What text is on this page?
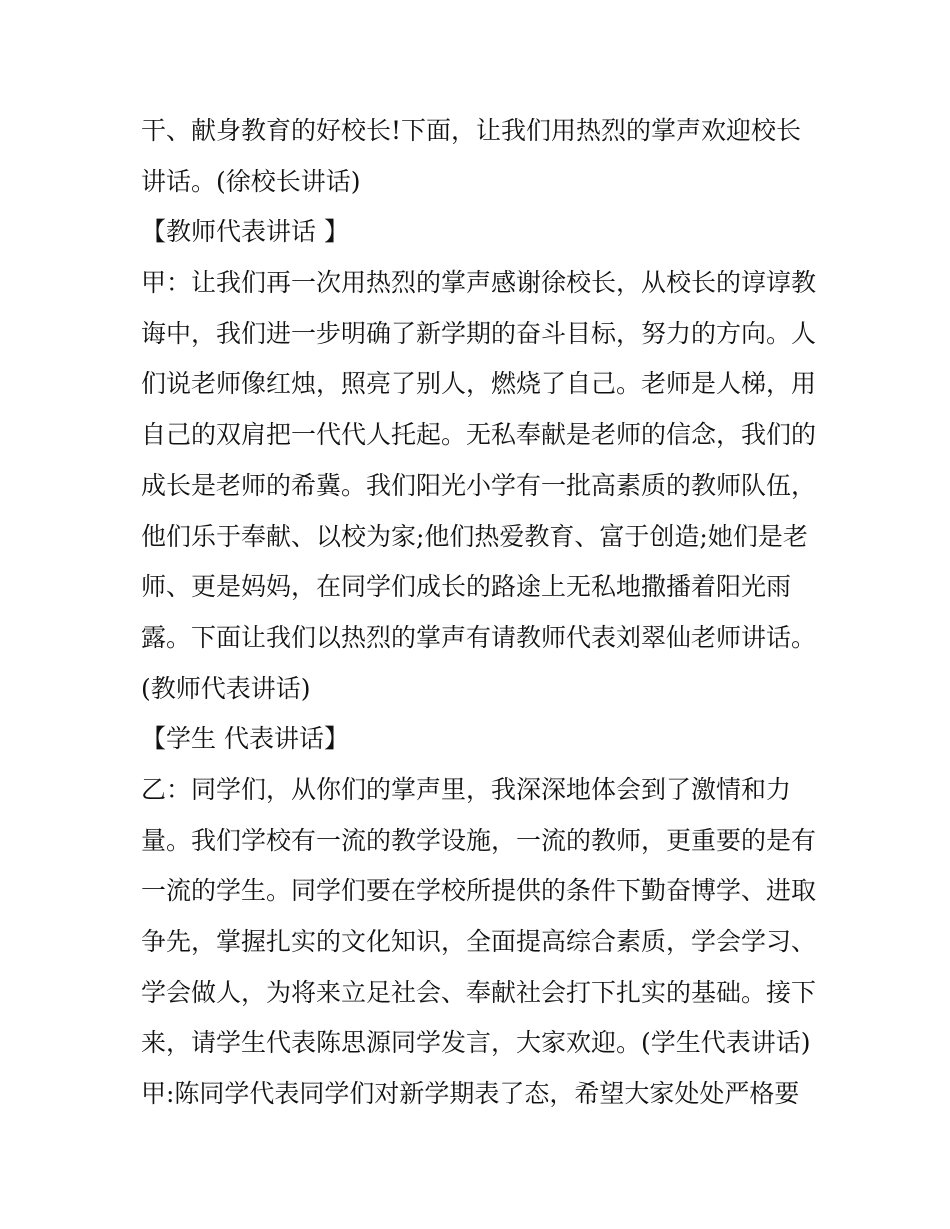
干、献身教育的好校长!下面，让我们用热烈的掌声欢迎校长
讲话。(徐校长讲话)
【教师代表讲话 】
甲：让我们再一次用热烈的掌声感谢徐校长，从校长的谆谆教
诲中，我们进一步明确了新学期的奋斗目标，努力的方向。人
们说老师像红烛，照亮了别人，燃烧了自己。老师是人梯，用
自己的双肩把一代代人托起。无私奉献是老师的信念，我们的
成长是老师的希冀。我们阳光小学有一批高素质的教师队伍，
他们乐于奉献、以校为家;他们热爱教育、富于创造;她们是老
师、更是妈妈，在同学们成长的路途上无私地撒播着阳光雨
露。下面让我们以热烈的掌声有请教师代表刘翠仙老师讲话。
(教师代表讲话)
【学生 代表讲话】
乙：同学们，从你们的掌声里，我深深地体会到了激情和力
量。我们学校有一流的教学设施，一流的教师，更重要的是有
一流的学生。同学们要在学校所提供的条件下勤奋博学、进取
争先，掌握扎实的文化知识，全面提高综合素质，学会学习、
学会做人，为将来立足社会、奉献社会打下扎实的基础。接下
来，请学生代表陈思源同学发言，大家欢迎。(学生代表讲话)
甲:陈同学代表同学们对新学期表了态，希望大家处处严格要
